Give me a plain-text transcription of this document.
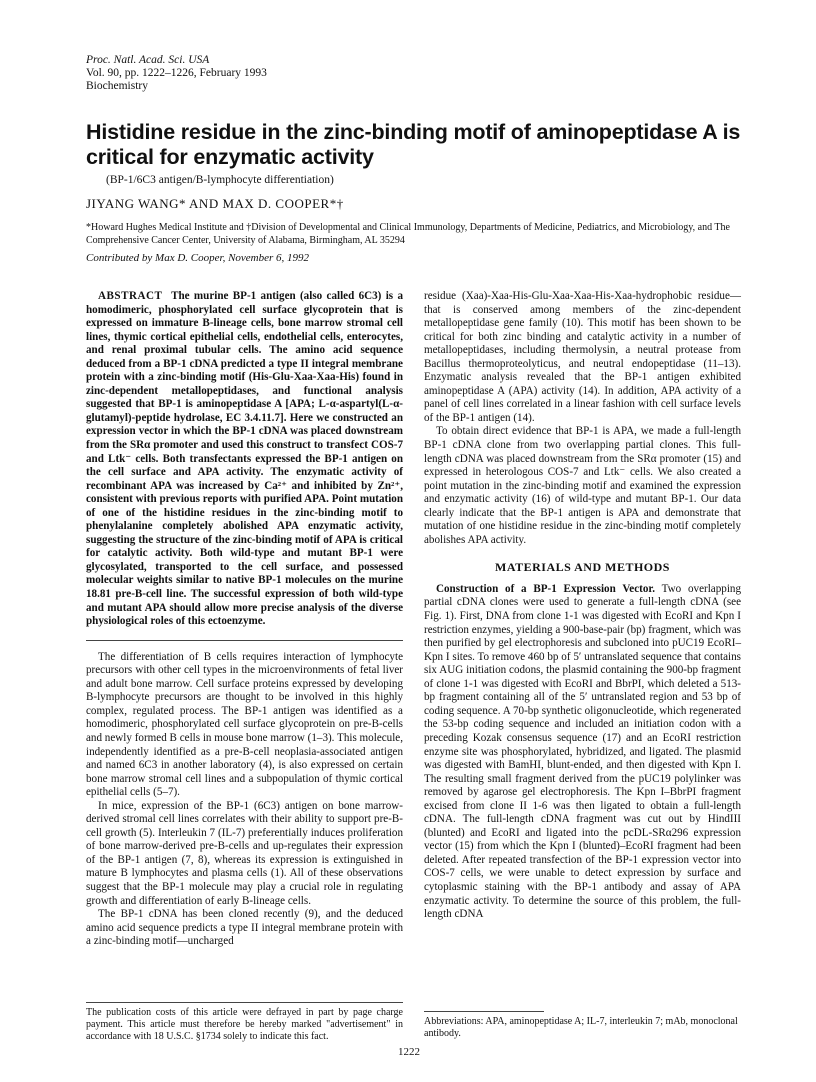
Proc. Natl. Acad. Sci. USA
Vol. 90, pp. 1222–1226, February 1993
Biochemistry
Histidine residue in the zinc-binding motif of aminopeptidase A is critical for enzymatic activity
(BP-1/6C3 antigen/B-lymphocyte differentiation)
JIYANG WANG* AND MAX D. COOPER*†
*Howard Hughes Medical Institute and †Division of Developmental and Clinical Immunology, Departments of Medicine, Pediatrics, and Microbiology, and The Comprehensive Cancer Center, University of Alabama, Birmingham, AL 35294
Contributed by Max D. Cooper, November 6, 1992

ABSTRACT The murine BP-1 antigen (also called 6C3) is a homodimeric, phosphorylated cell surface glycoprotein that is expressed on immature B-lineage cells, bone marrow stromal cell lines, thymic cortical epithelial cells, endothelial cells, enterocytes, and renal proximal tubular cells. The amino acid sequence deduced from a BP-1 cDNA predicted a type II integral membrane protein with a zinc-binding motif (His-Glu-Xaa-Xaa-His) found in zinc-dependent metallopeptidases, and functional analysis suggested that BP-1 is aminopeptidase A [APA; L-α-aspartyl(L-α-glutamyl)-peptide hydrolase, EC 3.4.11.7]. Here we constructed an expression vector in which the BP-1 cDNA was placed downstream from the SRα promoter and used this construct to transfect COS-7 and Ltk⁻ cells. Both transfectants expressed the BP-1 antigen on the cell surface and APA activity. The enzymatic activity of recombinant APA was increased by Ca²⁺ and inhibited by Zn²⁺, consistent with previous reports with purified APA. Point mutation of one of the histidine residues in the zinc-binding motif to phenylalanine completely abolished APA enzymatic activity, suggesting the structure of the zinc-binding motif of APA is critical for catalytic activity. Both wild-type and mutant BP-1 were glycosylated, transported to the cell surface, and possessed molecular weights similar to native BP-1 molecules on the murine 18.81 pre-B-cell line. The successful expression of both wild-type and mutant APA should allow more precise analysis of the diverse physiological roles of this ectoenzyme.

The differentiation of B cells requires interaction of lymphocyte precursors with other cell types in the microenvironments of fetal liver and adult bone marrow. Cell surface proteins expressed by developing B-lymphocyte precursors are thought to be involved in this highly complex, regulated process. The BP-1 antigen was identified as a homodimeric, phosphorylated cell surface glycoprotein on pre-B-cells and newly formed B cells in mouse bone marrow (1–3). This molecule, independently identified as a pre-B-cell neoplasia-associated antigen and named 6C3 in another laboratory (4), is also expressed on certain bone marrow stromal cell lines and a subpopulation of thymic cortical epithelial cells (5–7).

In mice, expression of the BP-1 (6C3) antigen on bone marrow-derived stromal cell lines correlates with their ability to support pre-B-cell growth (5). Interleukin 7 (IL-7) preferentially induces proliferation of bone marrow-derived pre-B-cells and up-regulates their expression of the BP-1 antigen (7, 8), whereas its expression is extinguished in mature B lymphocytes and plasma cells (1). All of these observations suggest that the BP-1 molecule may play a crucial role in regulating growth and differentiation of early B-lineage cells.

The BP-1 cDNA has been cloned recently (9), and the deduced amino acid sequence predicts a type II integral membrane protein with a zinc-binding motif—uncharged

residue (Xaa)-Xaa-His-Glu-Xaa-Xaa-His-Xaa-hydrophobic residue—that is conserved among members of the zinc-dependent metallopeptidase gene family (10). This motif has been shown to be critical for both zinc binding and catalytic activity in a number of metallopeptidases, including thermolysin, a neutral protease from Bacillus thermoproteolyticus, and neutral endopeptidase (11–13). Enzymatic analysis revealed that the BP-1 antigen exhibited aminopeptidase A (APA) activity (14). In addition, APA activity of a panel of cell lines correlated in a linear fashion with cell surface levels of the BP-1 antigen (14).

To obtain direct evidence that BP-1 is APA, we made a full-length BP-1 cDNA clone from two overlapping partial clones. This full-length cDNA was placed downstream from the SRα promoter (15) and expressed in heterologous COS-7 and Ltk⁻ cells. We also created a point mutation in the zinc-binding motif and examined the expression and enzymatic activity (16) of wild-type and mutant BP-1. Our data clearly indicate that the BP-1 antigen is APA and demonstrate that mutation of one histidine residue in the zinc-binding motif completely abolishes APA activity.

MATERIALS AND METHODS

Construction of a BP-1 Expression Vector. Two overlapping partial cDNA clones were used to generate a full-length cDNA (see Fig. 1). First, DNA from clone 1-1 was digested with EcoRI and Kpn I restriction enzymes, yielding a 900-base-pair (bp) fragment, which was then purified by gel electrophoresis and subcloned into pUC19 EcoRI–Kpn I sites. To remove 460 bp of 5′ untranslated sequence that contains six AUG initiation codons, the plasmid containing the 900-bp fragment of clone 1-1 was digested with EcoRI and BbrPI, which deleted a 513-bp fragment containing all of the 5′ untranslated region and 53 bp of coding sequence. A 70-bp synthetic oligonucleotide, which regenerated the 53-bp coding sequence and included an initiation codon with a preceding Kozak consensus sequence (17) and an EcoRI restriction enzyme site was phosphorylated, hybridized, and ligated. The plasmid was digested with BamHI, blunt-ended, and then digested with Kpn I. The resulting small fragment derived from the pUC19 polylinker was removed by agarose gel electrophoresis. The Kpn I–BbrPI fragment excised from clone II 1-6 was then ligated to obtain a full-length cDNA. The full-length cDNA fragment was cut out by HindIII (blunted) and EcoRI and ligated into the pcDL-SRα296 expression vector (15) from which the Kpn I (blunted)–EcoRI fragment had been deleted. After repeated transfection of the BP-1 expression vector into COS-7 cells, we were unable to detect expression by surface and cytoplasmic staining with the BP-1 antibody and assay of APA enzymatic activity. To determine the source of this problem, the full-length cDNA

The publication costs of this article were defrayed in part by page charge payment. This article must therefore be hereby marked "advertisement" in accordance with 18 U.S.C. §1734 solely to indicate this fact.
Abbreviations: APA, aminopeptidase A; IL-7, interleukin 7; mAb, monoclonal antibody.
1222
